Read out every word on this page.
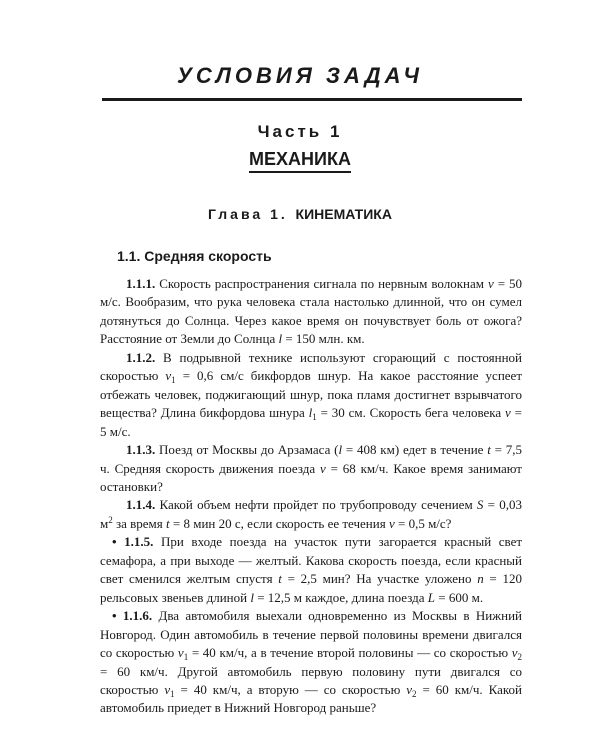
УСЛОВИЯ ЗАДАЧ
Часть 1
МЕХАНИКА
Глава 1. КИНЕМАТИКА
1.1. Средняя скорость

1.1.1. Скорость распространения сигнала по нервным волокнам v = 50 м/с. Вообразим, что рука человека стала настолько длинной, что он сумел дотянуться до Солнца. Через какое время он почувствует боль от ожога? Расстояние от Земли до Солнца l = 150 млн. км.

1.1.2. В подрывной технике используют сгорающий с постоянной скоростью $v_1 = 0,6$ см/с бикфордов шнур. На какое расстояние успеет отбежать человек, поджигающий шнур, пока пламя достигнет взрывчатого вещества? Длина бикфордова шнура $l_1 = 30$ см. Скорость бега человека v = 5 м/с.

1.1.3. Поезд от Москвы до Арзамаса (l = 408 км) едет в течение t = 7,5 ч. Средняя скорость движения поезда v = 68 км/ч. Какое время занимают остановки?

1.1.4. Какой объем нефти пройдет по трубопроводу сечением S = 0,03 $м^2$ за время t = 8 мин 20 с, если скорость ее течения v = 0,5 м/с?

• 1.1.5. При входе поезда на участок пути загорается красный свет семафора, а при выходе — желтый. Какова скорость поезда, если красный свет сменился желтым спустя t = 2,5 мин? На участке уложено n = 120 рельсовых звеньев длиной l = 12,5 м каждое, длина поезда L = 600 м.

• 1.1.6. Два автомобиля выехали одновременно из Москвы в Нижний Новгород. Один автомобиль в течение первой половины времени двигался со скоростью $v_1 = 40$ км/ч, а в течение второй половины — со скоростью $v_2 = 60$ км/ч. Другой автомобиль первую половину пути двигался со скоростью $v_1 = 40$ км/ч, а вторую — со скоростью $v_2 = 60$ км/ч. Какой автомобиль приедет в Нижний Новгород раньше?
